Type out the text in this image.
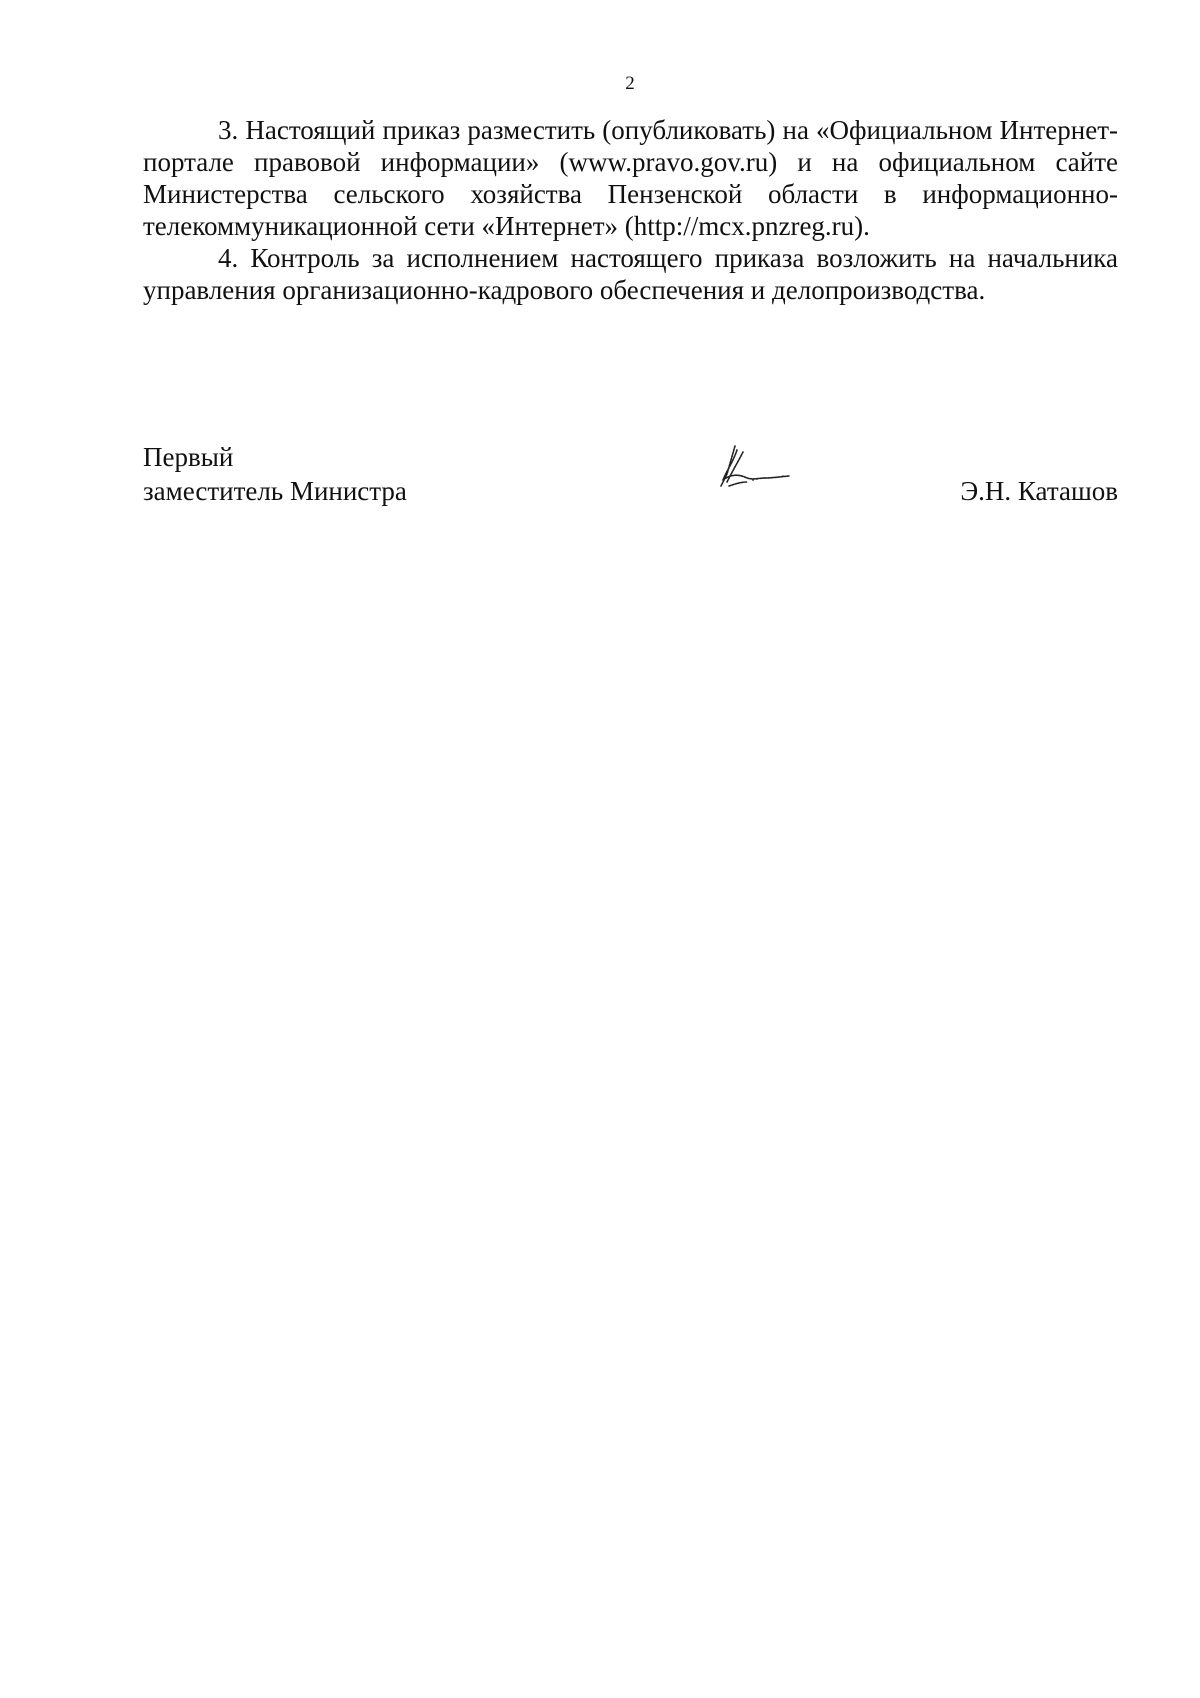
2

3. Настоящий приказ разместить (опубликовать) на «Официальном Интернет-портале правовой информации» (www.pravo.gov.ru) и на официальном сайте Министерства сельского хозяйства Пензенской области в информационно-телекоммуникационной сети «Интернет» (http://mcx.pnzreg.ru).

4. Контроль за исполнением настоящего приказа возложить на начальника управления организационно-кадрового обеспечения и делопроизводства.

Первый
заместитель Министра	Э.Н. Каташов
